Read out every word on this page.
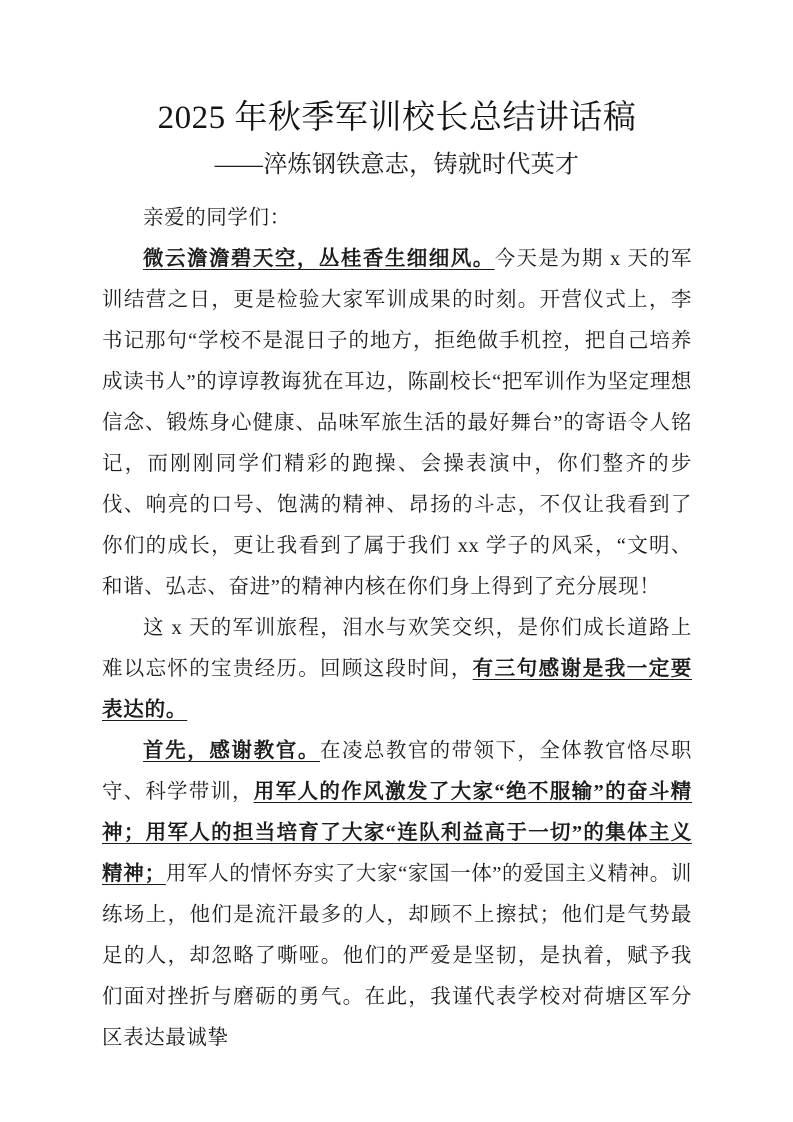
2025 年秋季军训校长总结讲话稿
——淬炼钢铁意志，铸就时代英才

亲爱的同学们：

微云澹澹碧天空，丛桂香生细细风。今天是为期 x 天的军训结营之日，更是检验大家军训成果的时刻。开营仪式上，李书记那句“学校不是混日子的地方，拒绝做手机控，把自己培养成读书人”的谆谆教诲犹在耳边，陈副校长“把军训作为坚定理想信念、锻炼身心健康、品味军旅生活的最好舞台”的寄语令人铭记，而刚刚同学们精彩的跑操、会操表演中，你们整齐的步伐、响亮的口号、饱满的精神、昂扬的斗志，不仅让我看到了你们的成长，更让我看到了属于我们 xx 学子的风采，“文明、和谐、弘志、奋进”的精神内核在你们身上得到了充分展现！

这 x 天的军训旅程，泪水与欢笑交织，是你们成长道路上难以忘怀的宝贵经历。回顾这段时间，有三句感谢是我一定要表达的。

首先，感谢教官。在凌总教官的带领下，全体教官恪尽职守、科学带训，用军人的作风激发了大家“绝不服输”的奋斗精神；用军人的担当培育了大家“连队利益高于一切”的集体主义精神；用军人的情怀夯实了大家“家国一体”的爱国主义精神。训练场上，他们是流汗最多的人，却顾不上擦拭；他们是气势最足的人，却忽略了嘶哑。他们的严爱是坚韧，是执着，赋予我们面对挫折与磨砺的勇气。在此，我谨代表学校对荷塘区军分区表达最诚挚
